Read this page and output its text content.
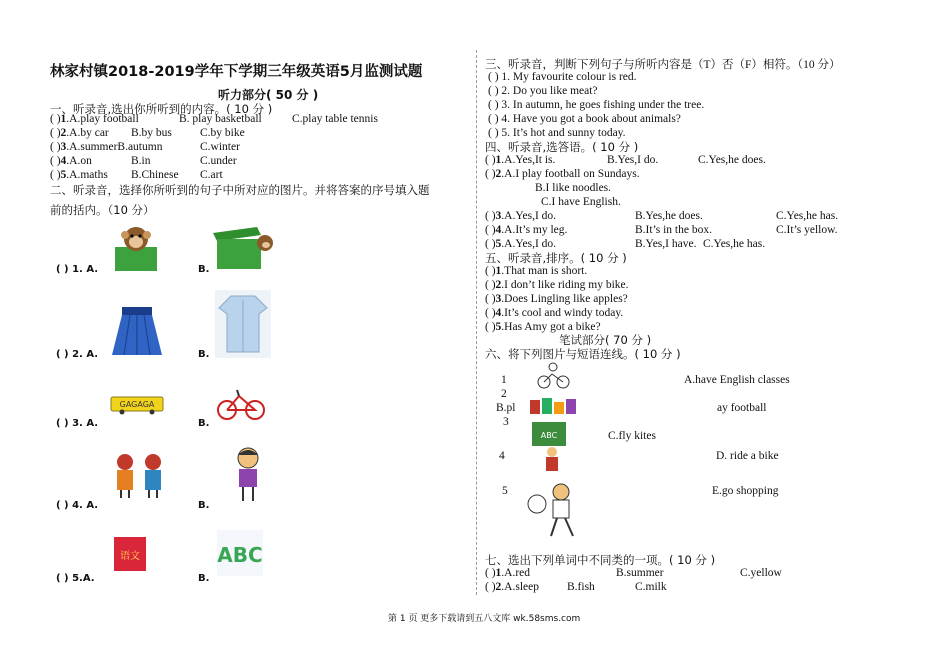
林家村镇2018-2019学年下学期三年级英语5月监测试题
听力部分( 50 分 )
一、听录音,选出你所听到的内容。( 10 分 )
( )1.A.play football	B. play basketball	C.play table tennis
( )2.A.by car B.by bus C.by bike
( )3.A.summerB.autumn	C.winter
( )4.A.on	B.in	C.under
( )5.A.maths B.Chinese C.art
二、听录音，选择你所听到的句子中所对应的图片。并将答案的序号填入题
前的括内。（10 分）
( ) 1. A.	B.
( ) 2. A.	B.
( ) 3. A.	B.
( ) 4. A.	B.
( ) 5.A.	B.
GAGAGA
语文	ABC
三、听录音，判断下列句子与所听内容是（T）否（F）相符。（10 分）
( ) 1. My favourite colour is red.
( ) 2. Do you like meat?
( ) 3. In autumn, he goes fishing under the tree.
( ) 4. Have you got a book about animals?
( ) 5. It’s hot and sunny today.
四、听录音,选答语。( 10 分 )
( )1.A.Yes,It is.	B.Yes,I do.	C.Yes,he does.
( )2.A.I play football on Sundays.
B.I like noodles.
C.I have English.
( )3.A.Yes,I do.	B.Yes,he does.	C.Yes,he has.
( )4.A.It’s my leg.	B.It’s in the box.	C.It’s yellow.
( )5.A.Yes,I do.	B.Yes,I have. C.Yes,he has.
五、听录音,排序。( 10 分 )
( )1.That man is short.
( )2.I don’t like riding my bike.
( )3.Does Lingling like apples?
( )4.It’s cool and windy today.
( )5.Has Amy got a bike?
笔试部分( 70 分 )
六、将下列图片与短语连线。( 10 分 )
1
2
B.pl
3
4
5
A.have English classes
ay football
C.fly kites
D. ride a bike
E.go shopping
ABC
七、选出下列单词中不同类的一项。( 10 分 )
( )1.A.red	B.summer	C.yellow
( )2.A.sleep B.fish	C.milk
第 1 页 更多下载请到五八文库 wk.58sms.com
